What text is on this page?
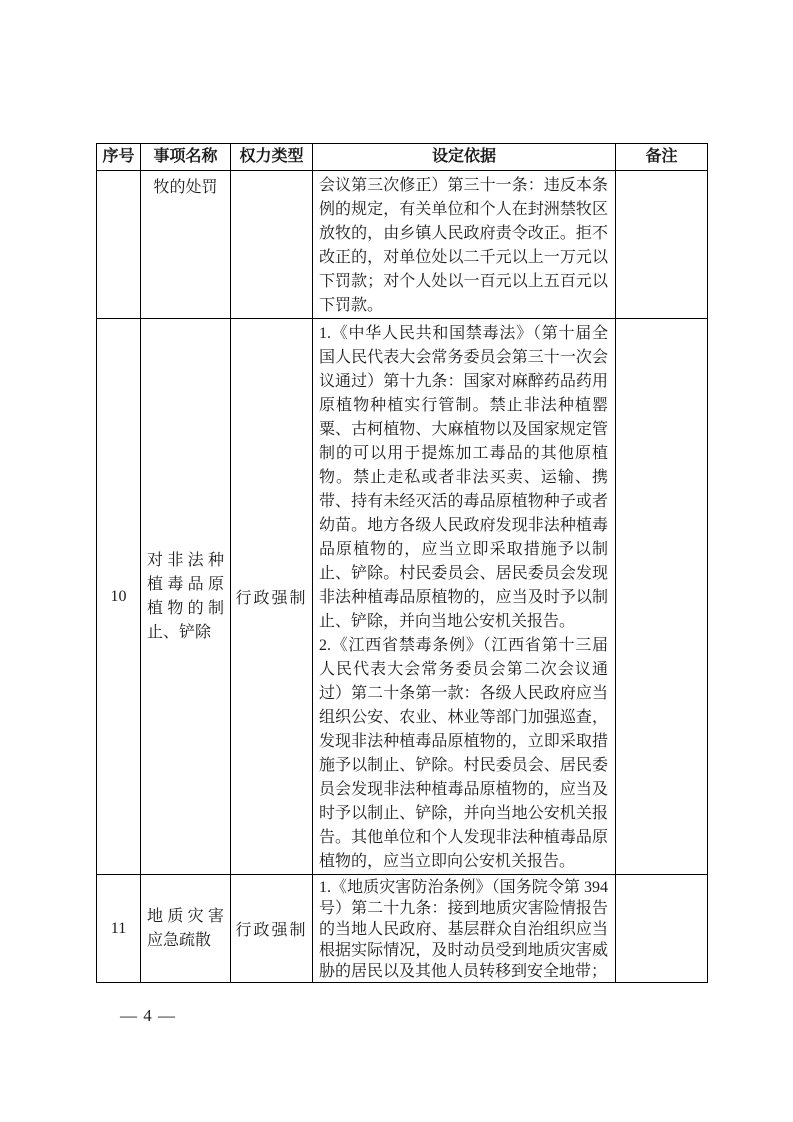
序号	事项名称	权力类型	设定依据	备注
	牧的处罚		会议第三次修正）第三十一条：违反本条例的规定，有关单位和个人在封洲禁牧区放牧的，由乡镇人民政府责令改正。拒不改正的，对单位处以二千元以上一万元以下罚款；对个人处以一百元以上五百元以下罚款。	

10	对非法种植毒品原植物的制止、铲除	行政强制	1.《中华人民共和国禁毒法》（第十届全国人民代表大会常务委员会第三十一次会议通过）第十九条：国家对麻醉药品药用原植物种植实行管制。禁止非法种植罂粟、古柯植物、大麻植物以及国家规定管制的可以用于提炼加工毒品的其他原植物。禁止走私或者非法买卖、运输、携带、持有未经灭活的毒品原植物种子或者幼苗。地方各级人民政府发现非法种植毒品原植物的，应当立即采取措施予以制止、铲除。村民委员会、居民委员会发现非法种植毒品原植物的，应当及时予以制止、铲除，并向当地公安机关报告。

2.《江西省禁毒条例》（江西省第十三届人民代表大会常务委员会第二次会议通过）第二十条第一款：各级人民政府应当组织公安、农业、林业等部门加强巡查，发现非法种植毒品原植物的，立即采取措施予以制止、铲除。村民委员会、居民委员会发现非法种植毒品原植物的，应当及时予以制止、铲除，并向当地公安机关报告。其他单位和个人发现非法种植毒品原植物的，应当立即向公安机关报告。	

11	地质灾害应急疏散	行政强制	1.《地质灾害防治条例》（国务院令第 394 号）第二十九条：接到地质灾害险情报告的当地人民政府、基层群众自治组织应当根据实际情况，及时动员受到地质灾害威胁的居民以及其他人员转移到安全地带；	

— 4 —
